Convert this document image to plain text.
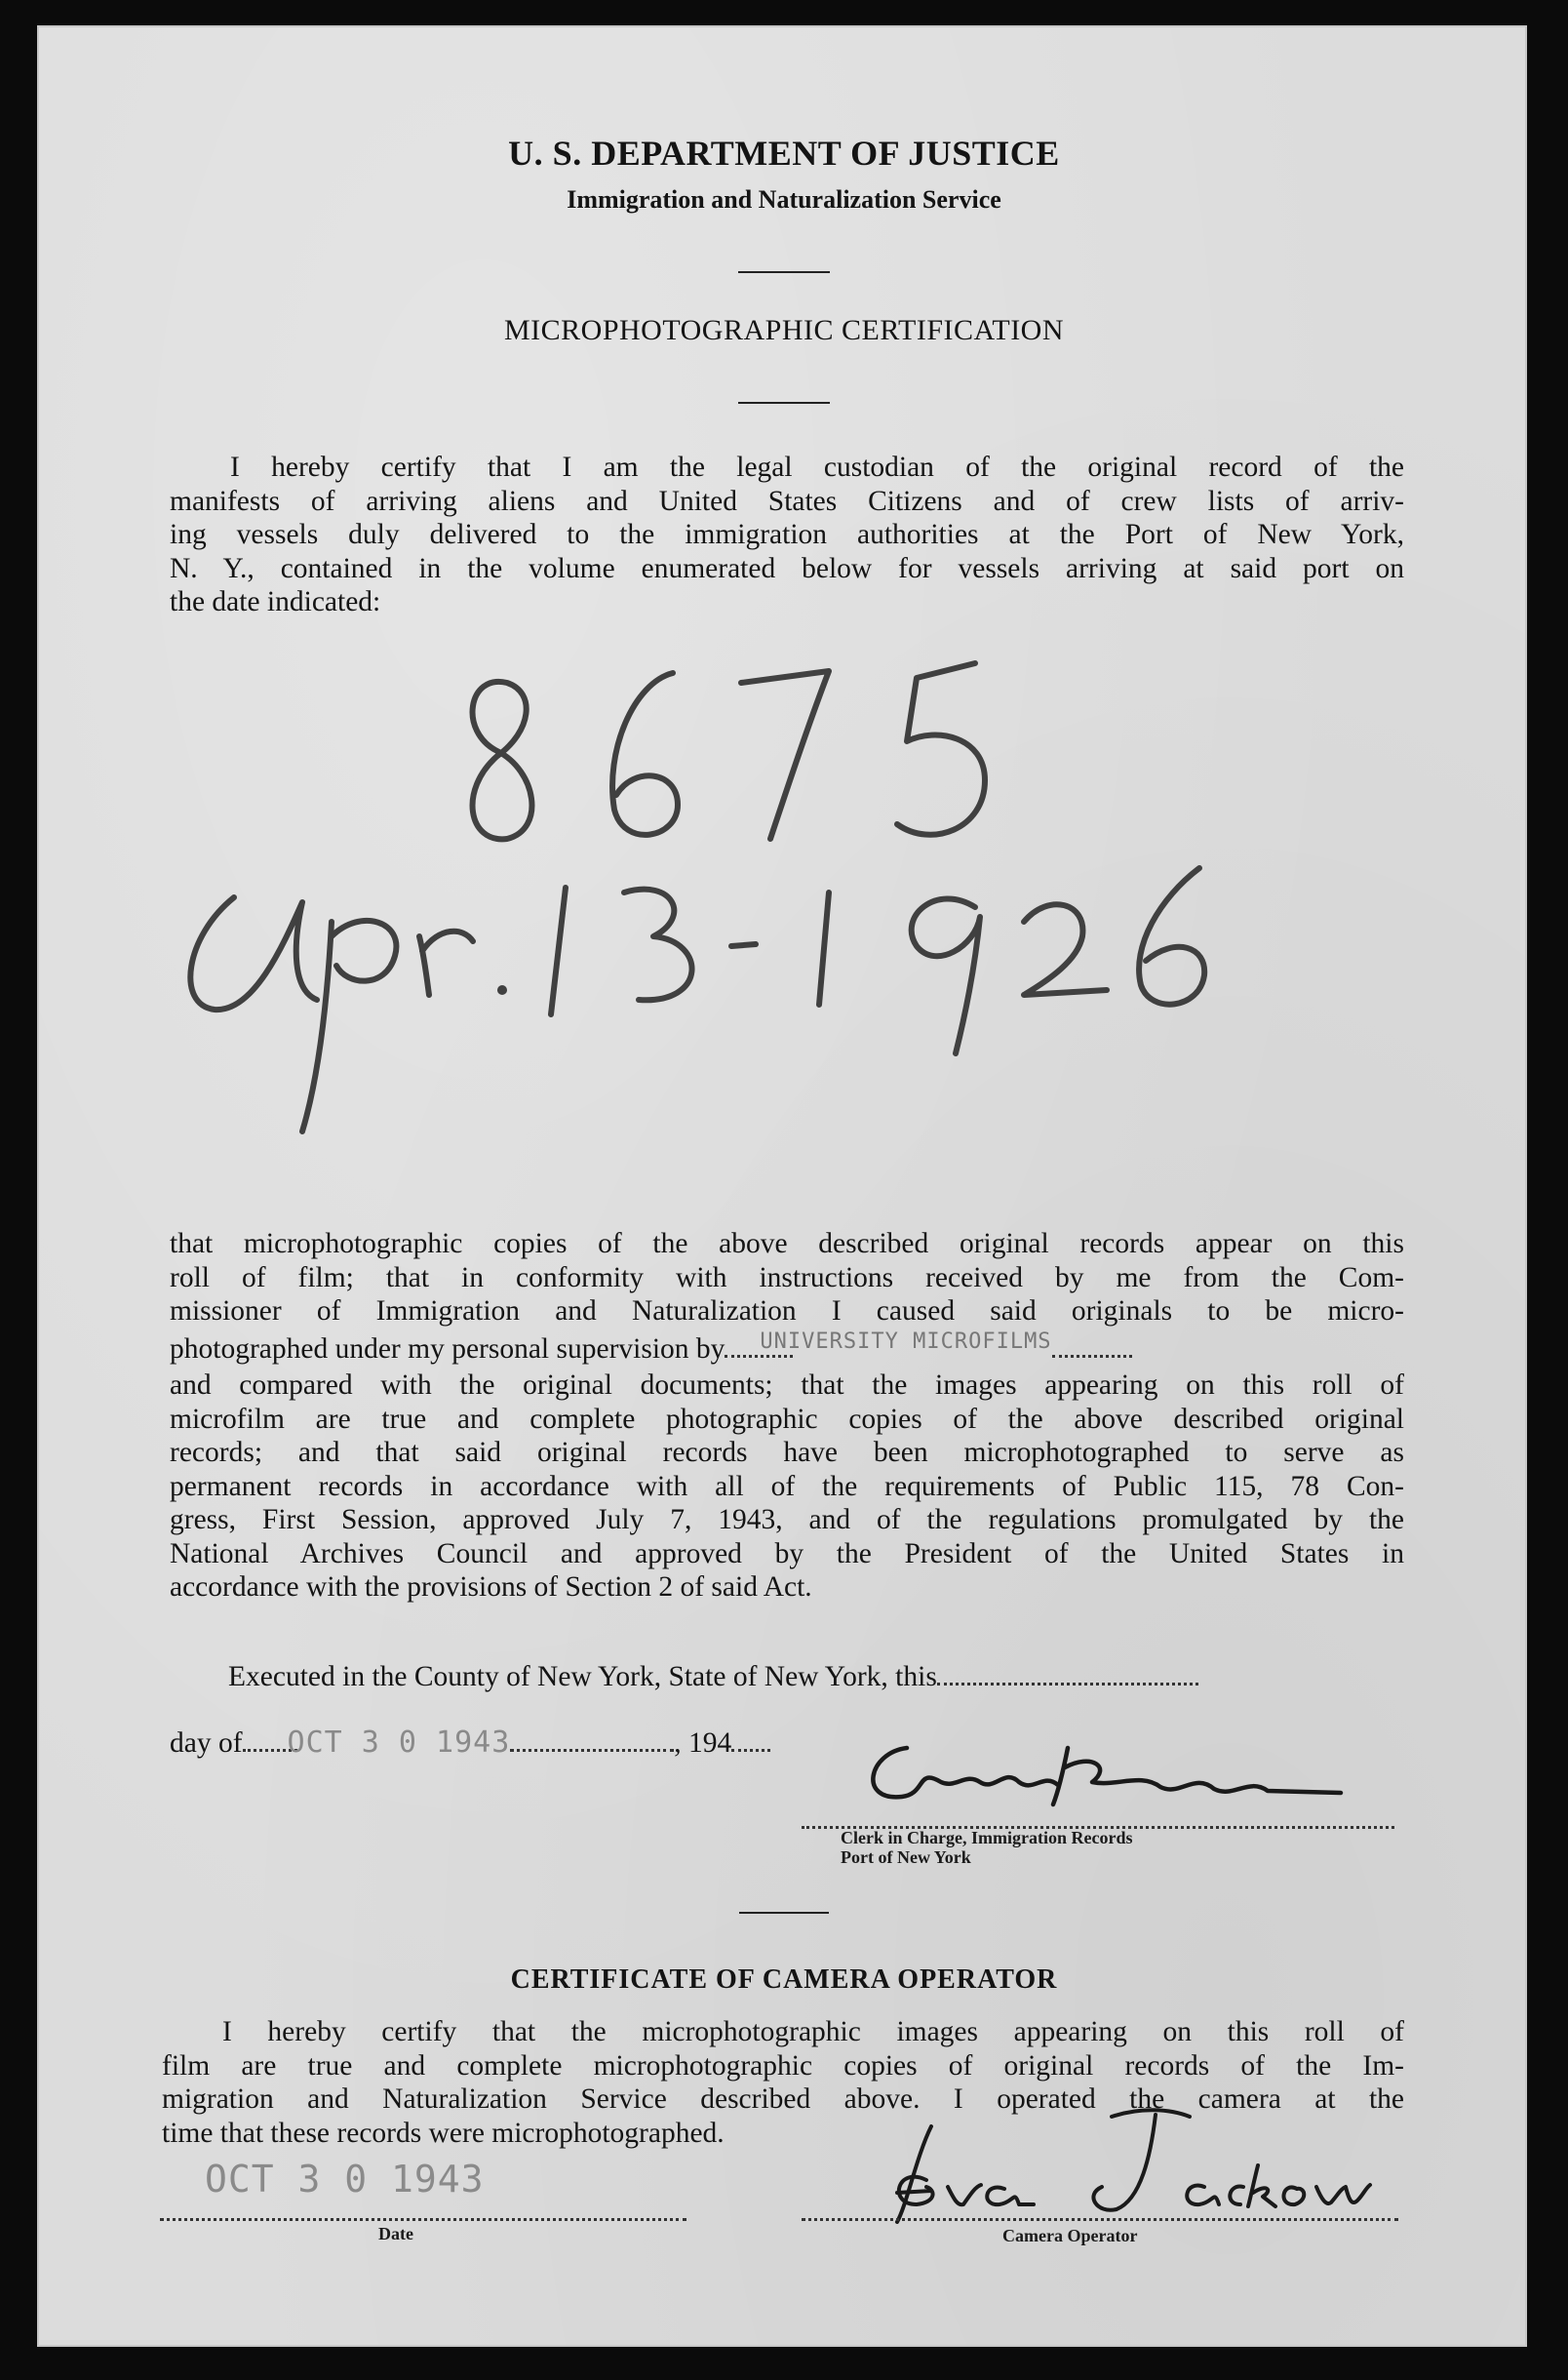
U. S. DEPARTMENT OF JUSTICE
Immigration and Naturalization Service
MICROPHOTOGRAPHIC CERTIFICATION

I hereby certify that I am the legal custodian of the original record of the

manifests of arriving aliens and United States Citizens and of crew lists of arriv-

ing vessels duly delivered to the immigration authorities at the Port of New York,

N. Y., contained in the volume enumerated below for vessels arriving at said port on

the date indicated:

that microphotographic copies of the above described original records appear on this

roll of film; that in conformity with instructions received by me from the Com-

missioner of Immigration and Naturalization I caused said originals to be micro-

photographed under my personal supervision by $^{UNIVERSITY MICROFILMS}$

and compared with the original documents; that the images appearing on this roll of

microfilm are true and complete photographic copies of the above described original

records; and that said original records have been microphotographed to serve as

permanent records in accordance with all of the requirements of Public 115, 78 Con-

gress, First Session, approved July 7, 1943, and of the regulations promulgated by the

National Archives Council and approved by the President of the United States in

accordance with the provisions of Section 2 of said Act.

Executed in the County of New York, State of New York, this
day of OCT 3 0 1943	, 194
Clerk in Charge, Immigration Records
Port of New York
CERTIFICATE OF CAMERA OPERATOR

I hereby certify that the microphotographic images appearing on this roll of

film are true and complete microphotographic copies of original records of the Im-

migration and Naturalization Service described above. I operated the camera at the

time that these records were microphotographed.

OCT 3 0 1943
Date	Camera Operator
